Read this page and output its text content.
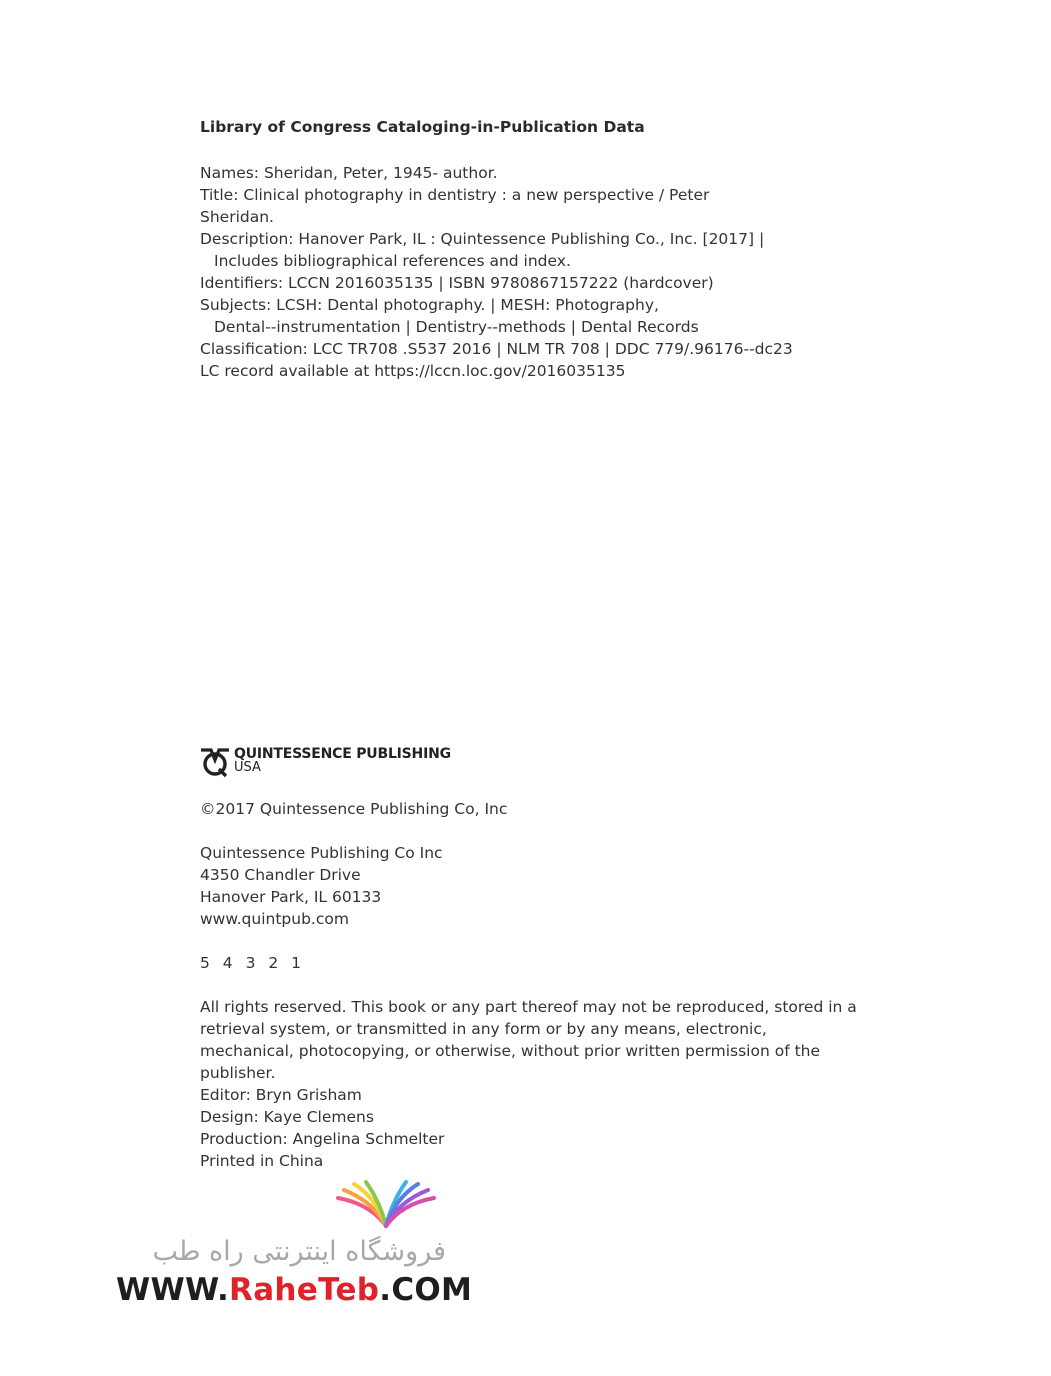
Library of Congress Cataloging-in-Publication Data
Names: Sheridan, Peter, 1945- author.
Title: Clinical photography in dentistry : a new perspective / Peter
Sheridan.
Description: Hanover Park, IL : Quintessence Publishing Co., Inc. [2017] |
Includes bibliographical references and index.
Identifiers: LCCN 2016035135 | ISBN 9780867157222 (hardcover)
Subjects: LCSH: Dental photography. | MESH: Photography,
Dental--instrumentation | Dentistry--methods | Dental Records
Classification: LCC TR708 .S537 2016 | NLM TR 708 | DDC 779/.96176--dc23
LC record available at https://lccn.loc.gov/2016035135
QUINTESSENCE PUBLISHING
USA
©2017 Quintessence Publishing Co, Inc
Quintessence Publishing Co Inc
4350 Chandler Drive
Hanover Park, IL 60133
www.quintpub.com
5 4 3 2 1
All rights reserved. This book or any part thereof may not be reproduced, stored in a retrieval system, or transmitted in any form or by any means, electronic, mechanical, photocopying, or otherwise, without prior written permission of the publisher.
Editor: Bryn Grisham
Design: Kaye Clemens
Production: Angelina Schmelter
Printed in China
فروشگاه اینترنتی راه طب
WWW.RaheTeb.COM
